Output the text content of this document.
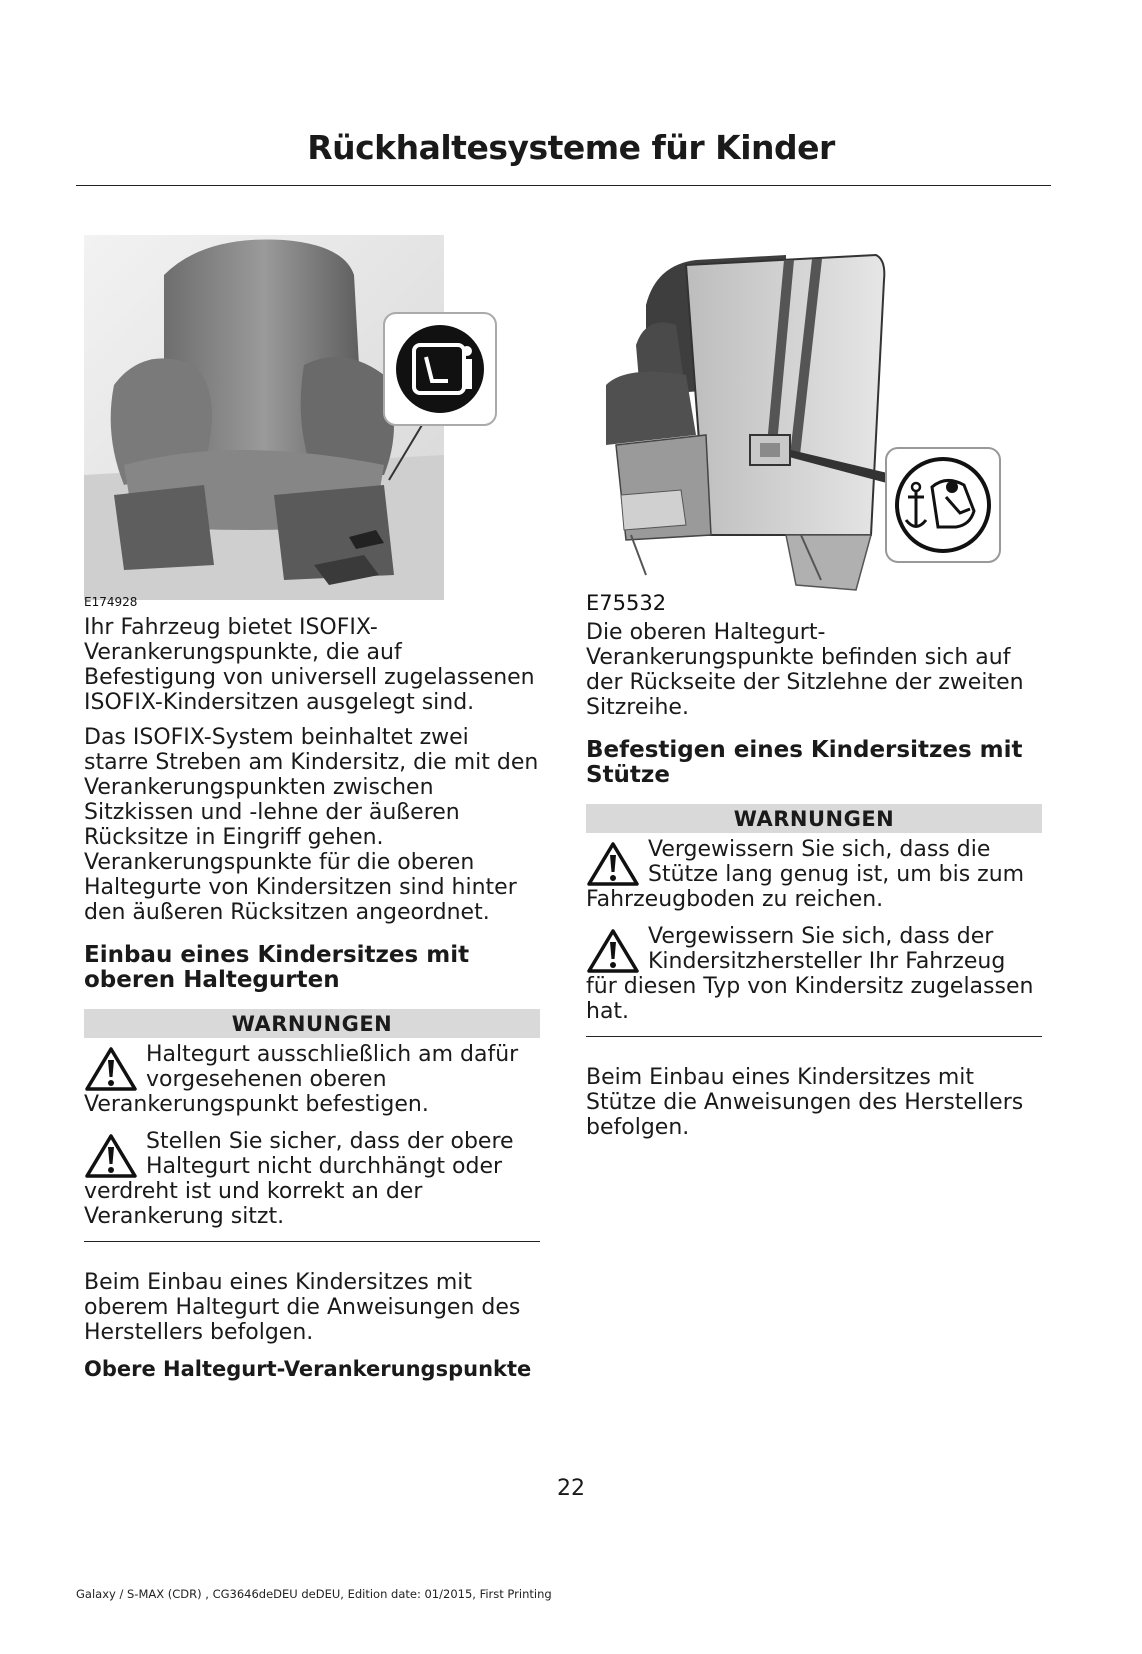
Rückhaltesysteme für Kinder
E174928

Ihr Fahrzeug bietet ISOFIX-Verankerungspunkte, die auf Befestigung von universell zugelassenen ISOFIX-Kindersitzen ausgelegt sind.

Das ISOFIX-System beinhaltet zwei starre Streben am Kindersitz, die mit den Verankerungspunkten zwischen Sitzkissen und -lehne der äußeren Rücksitze in Eingriff gehen. Verankerungspunkte für die oberen Haltegurte von Kindersitzen sind hinter den äußeren Rücksitzen angeordnet.

Einbau eines Kindersitzes mit oberen Haltegurten
WARNUNGEN
Haltegurt ausschließlich am dafür vorgesehenen oberen Verankerungspunkt befestigen.
Stellen Sie sicher, dass der obere Haltegurt nicht durchhängt oder verdreht ist und korrekt an der Verankerung sitzt.

Beim Einbau eines Kindersitzes mit oberem Haltegurt die Anweisungen des Herstellers befolgen.

Obere Haltegurt-Verankerungspunkte
E75532

Die oberen Haltegurt-Verankerungspunkte befinden sich auf der Rückseite der Sitzlehne der zweiten Sitzreihe.

Befestigen eines Kindersitzes mit Stütze
WARNUNGEN
Vergewissern Sie sich, dass die Stütze lang genug ist, um bis zum Fahrzeugboden zu reichen.
Vergewissern Sie sich, dass der Kindersitzhersteller Ihr Fahrzeug für diesen Typ von Kindersitz zugelassen hat.

Beim Einbau eines Kindersitzes mit Stütze die Anweisungen des Herstellers befolgen.

22
Galaxy / S-MAX (CDR) , CG3646deDEU deDEU, Edition date: 01/2015, First Printing
